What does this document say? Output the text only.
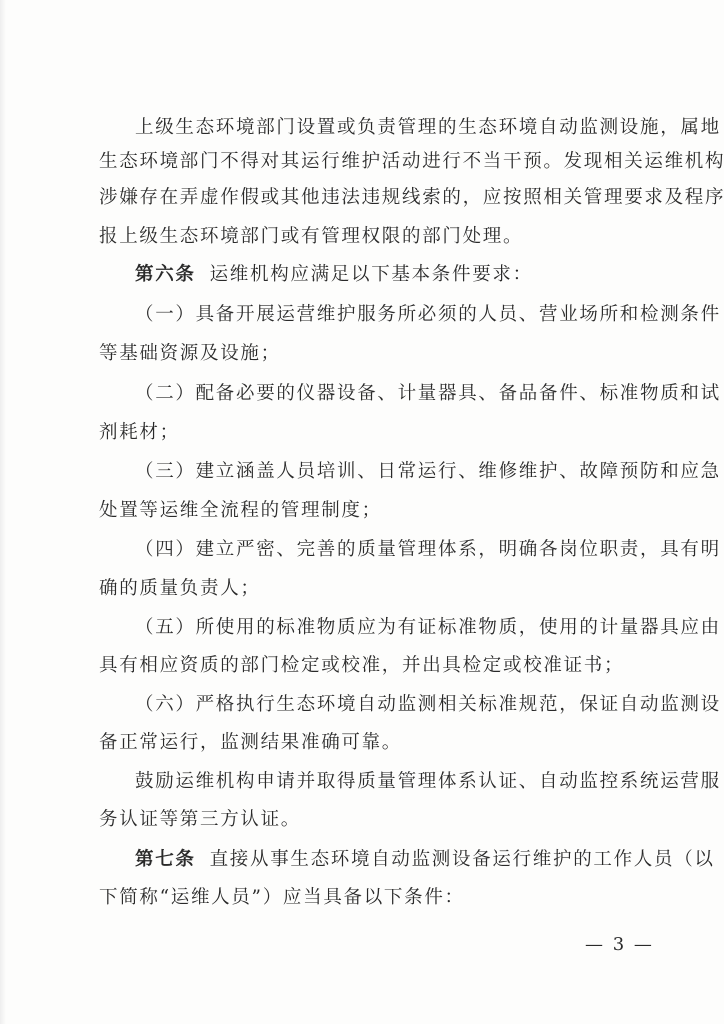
上级生态环境部门设置或负责管理的生态环境自动监测设施，属地
生态环境部门不得对其运行维护活动进行不当干预。发现相关运维机构
涉嫌存在弄虚作假或其他违法违规线索的，应按照相关管理要求及程序
报上级生态环境部门或有管理权限的部门处理。
第六条 运维机构应满足以下基本条件要求：
（一）具备开展运营维护服务所必须的人员、营业场所和检测条件
等基础资源及设施；
（二）配备必要的仪器设备、计量器具、备品备件、标准物质和试
剂耗材；
（三）建立涵盖人员培训、日常运行、维修维护、故障预防和应急
处置等运维全流程的管理制度；
（四）建立严密、完善的质量管理体系，明确各岗位职责，具有明
确的质量负责人；
（五）所使用的标准物质应为有证标准物质，使用的计量器具应由
具有相应资质的部门检定或校准，并出具检定或校准证书；
（六）严格执行生态环境自动监测相关标准规范，保证自动监测设
备正常运行，监测结果准确可靠。
鼓励运维机构申请并取得质量管理体系认证、自动监控系统运营服
务认证等第三方认证。
第七条 直接从事生态环境自动监测设备运行维护的工作人员（以
下简称“运维人员”）应当具备以下条件：
— 3 —
